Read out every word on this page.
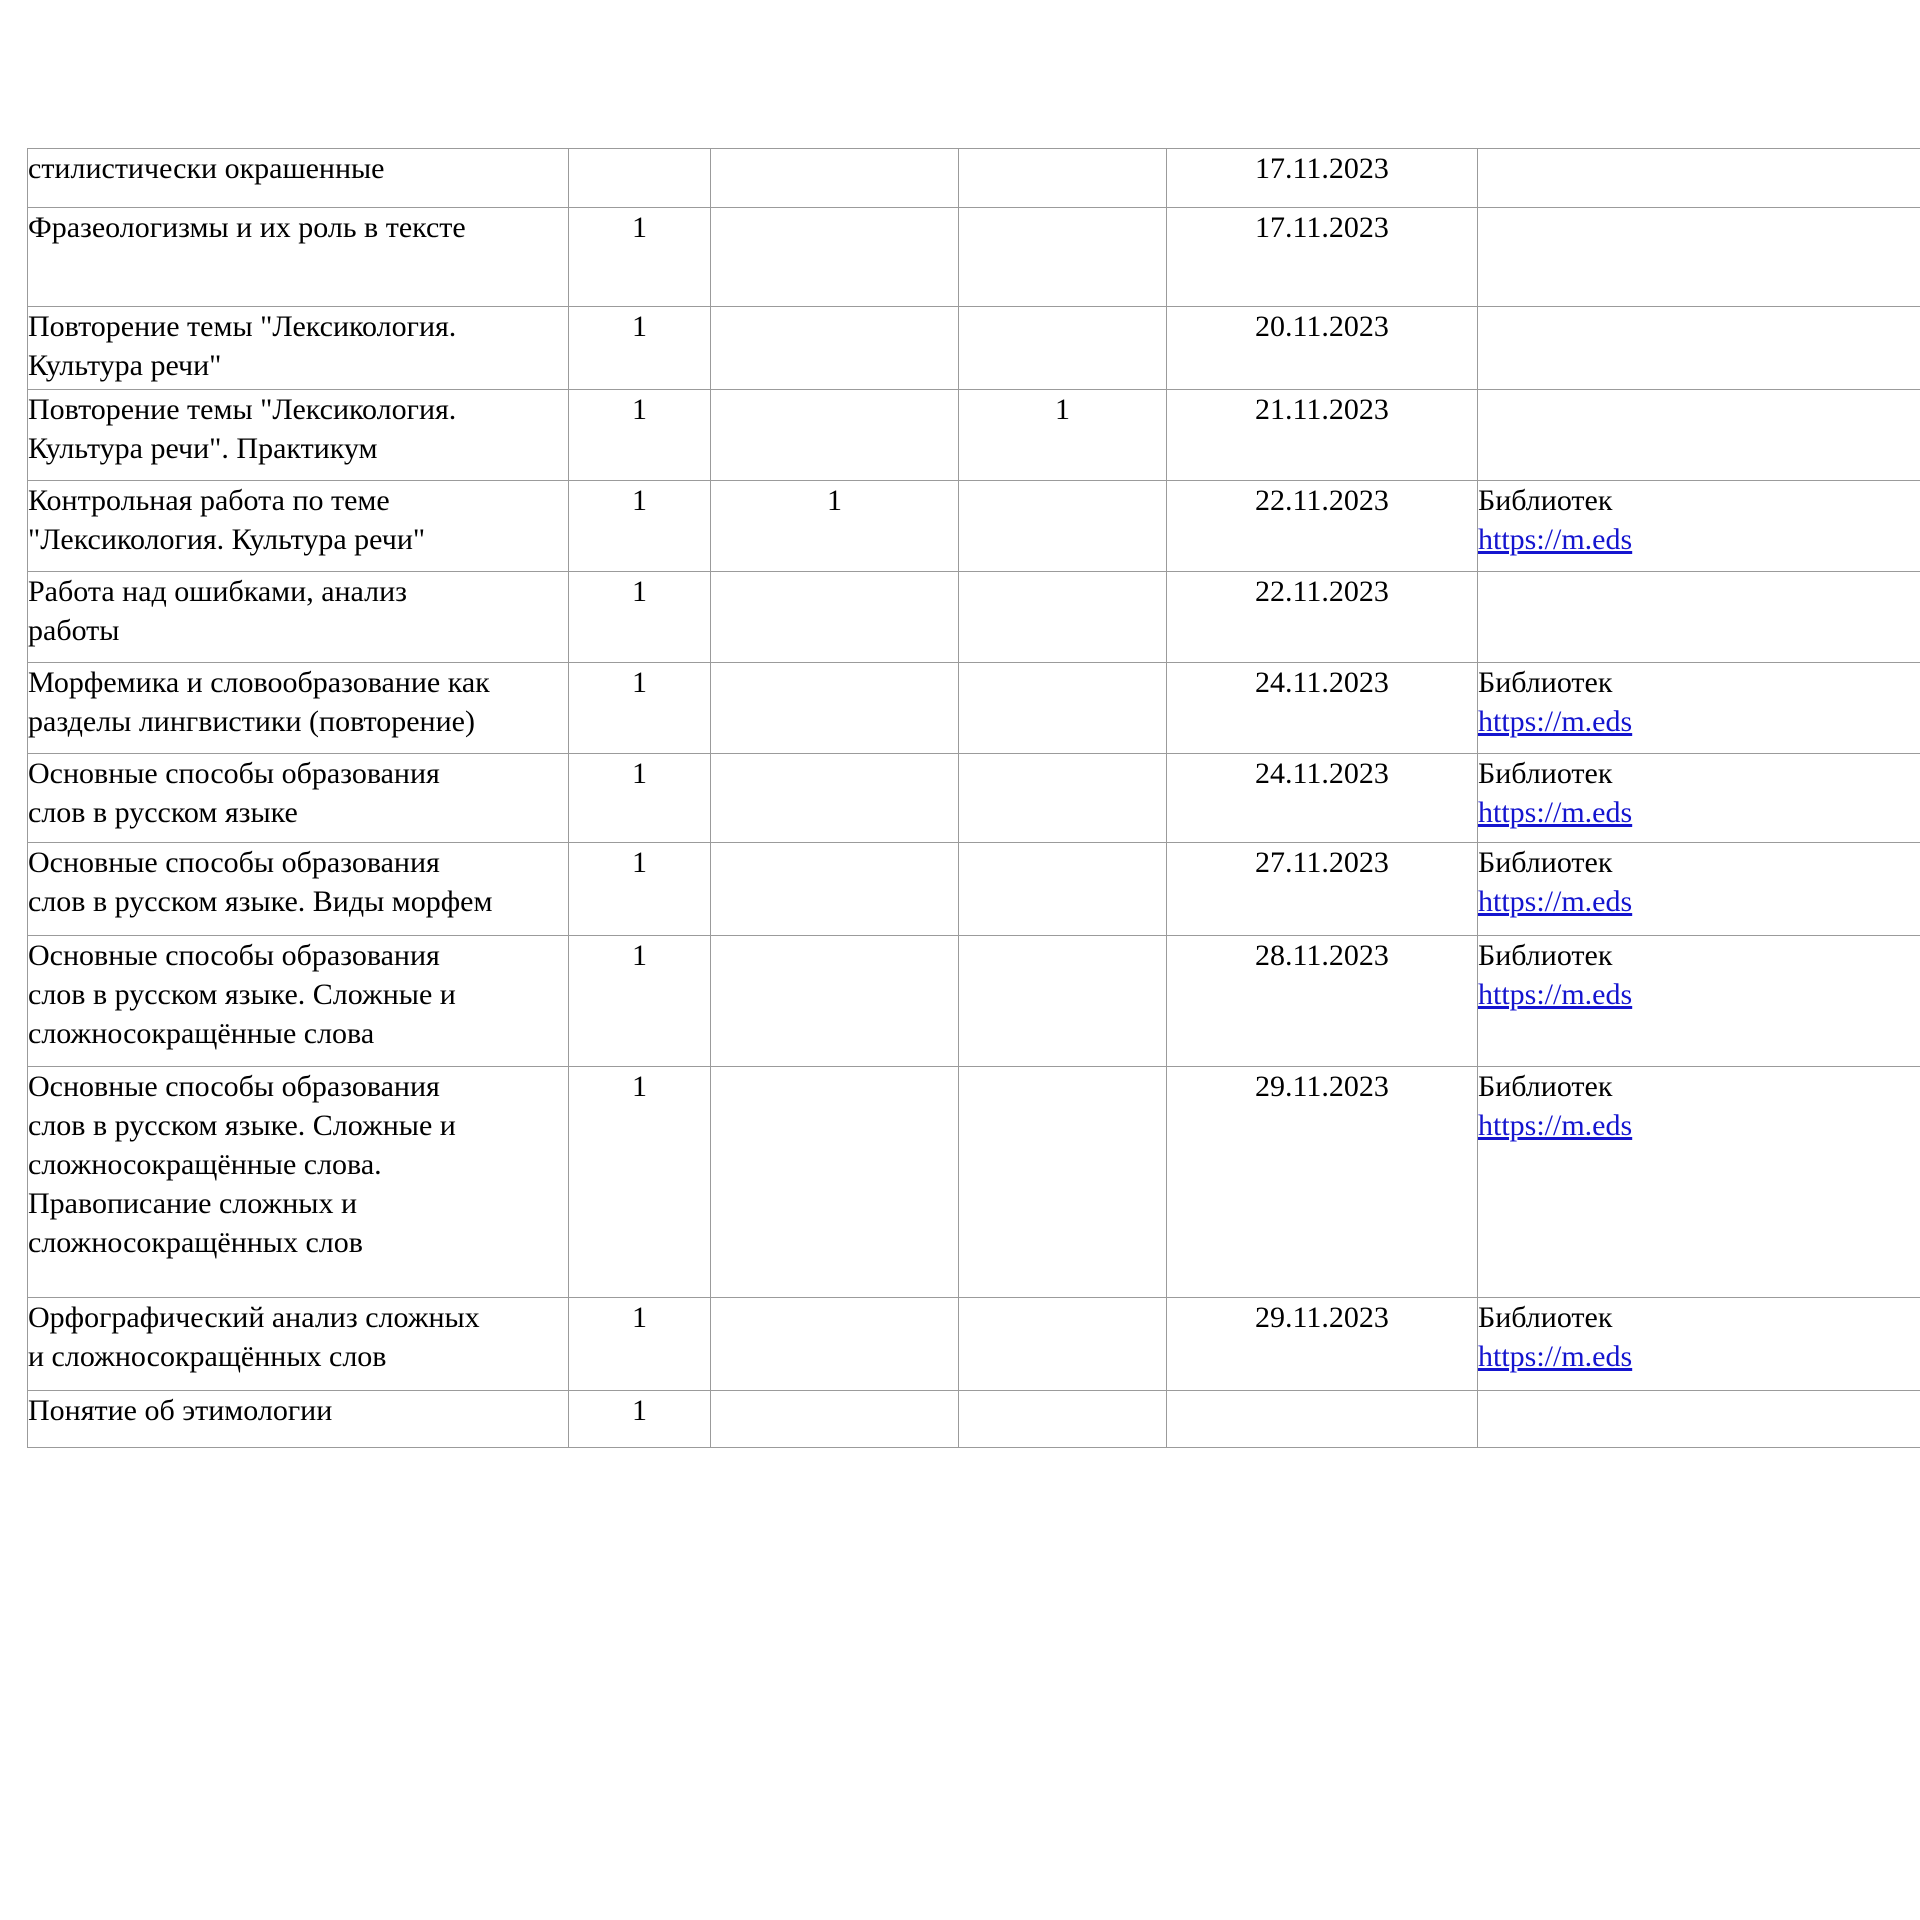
стилистически окрашенные				17.11.2023	

Фразеологизмы и их роль в тексте	1			17.11.2023	

Повторение темы "Лексикология.
Культура речи"	1			20.11.2023	

Повторение темы "Лексикология.
Культура речи". Практикум	1		1	21.11.2023	

Контрольная работа по теме
"Лексикология. Культура речи"	1	1		22.11.2023	Библиотек
https://m.eds

Работа над ошибками, анализ
работы	1			22.11.2023	

Морфемика и словообразование как
разделы лингвистики (повторение)	1			24.11.2023	Библиотек
https://m.eds

Основные способы образования
слов в русском языке	1			24.11.2023	Библиотек
https://m.eds

Основные способы образования
слов в русском языке. Виды морфем	1			27.11.2023	Библиотек
https://m.eds

Основные способы образования
слов в русском языке. Сложные и
сложносокращённые слова	1			28.11.2023	Библиотек
https://m.eds

Основные способы образования
слов в русском языке. Сложные и
сложносокращённые слова.
Правописание сложных и
сложносокращённых слов	1			29.11.2023	Библиотек
https://m.eds

Орфографический анализ сложных
и сложносокращённых слов	1			29.11.2023	Библиотек
https://m.eds

Понятие об этимологии	1				
